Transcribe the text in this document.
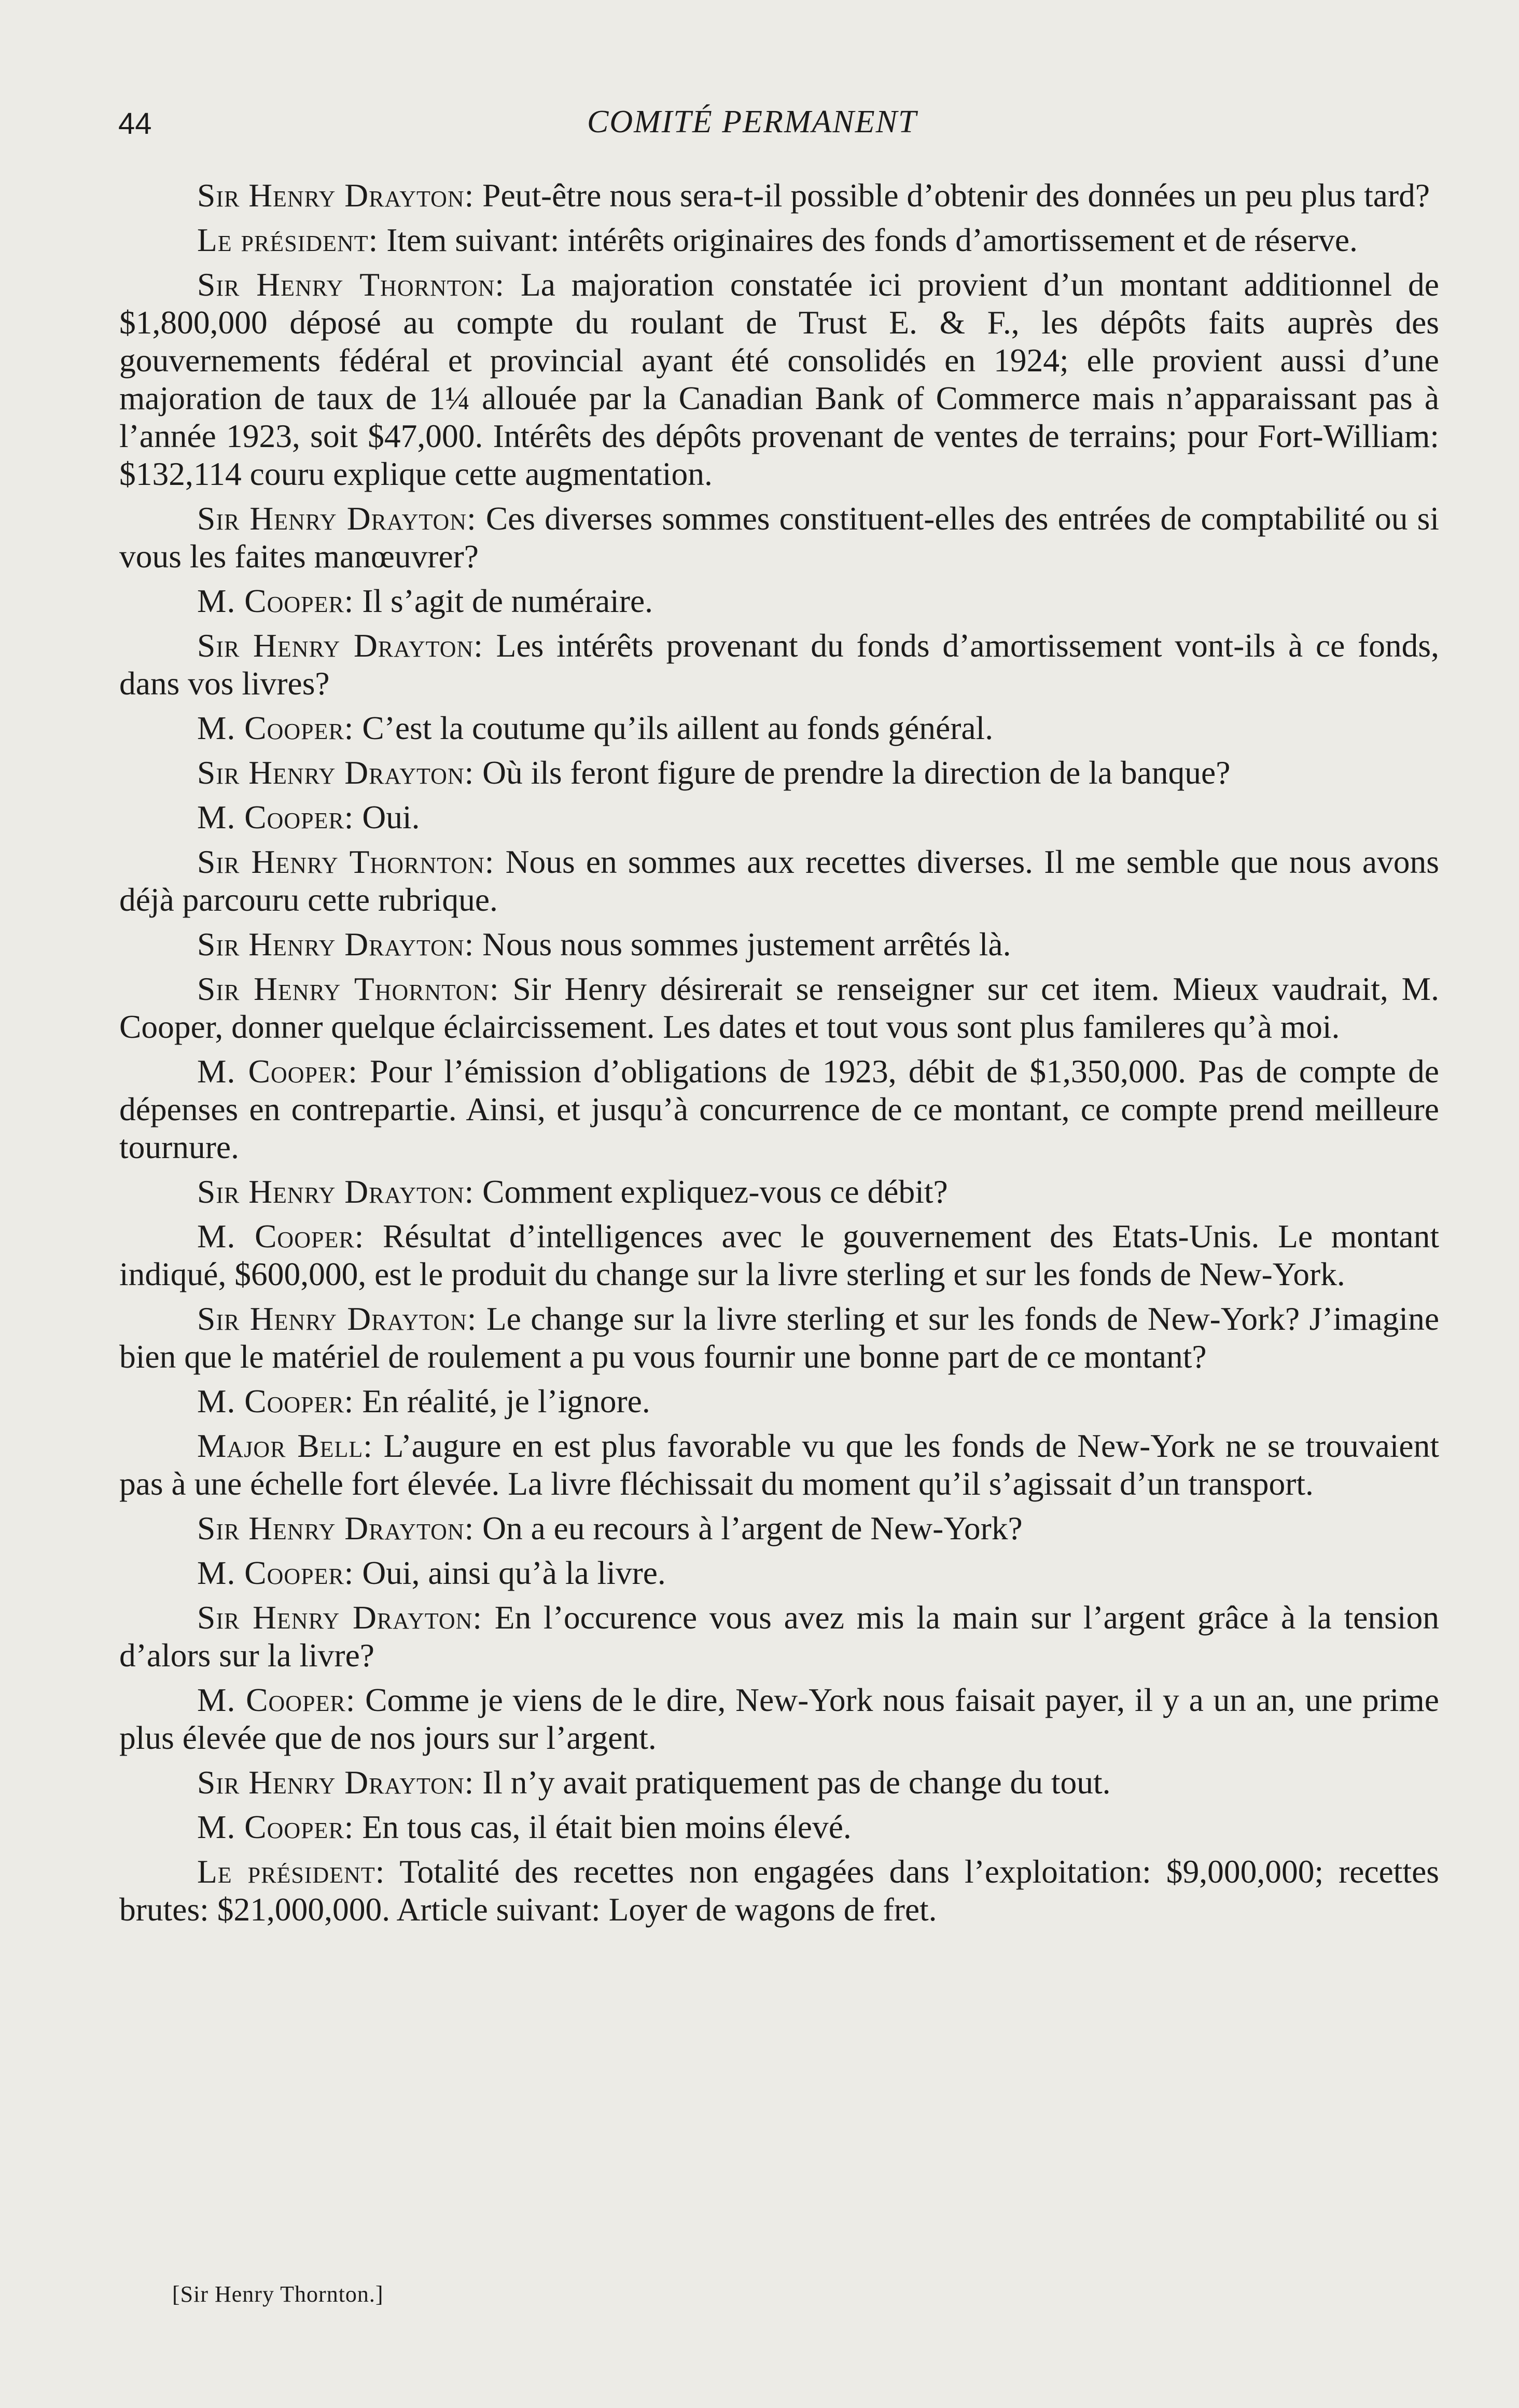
44	COMITÉ PERMANENT

Sir Henry Drayton: Peut-être nous sera-t-il possible d’obtenir des données un peu plus tard?

Le président: Item suivant: intérêts originaires des fonds d’amortissement et de réserve.

Sir Henry Thornton: La majoration constatée ici provient d’un montant additionnel de $1,800,000 déposé au compte du roulant de Trust E. & F., les dépôts faits auprès des gouvernements fédéral et provincial ayant été consolidés en 1924; elle provient aussi d’une majoration de taux de 1¼ allouée par la Canadian Bank of Commerce mais n’apparaissant pas à l’année 1923, soit $47,000. Intérêts des dépôts provenant de ventes de terrains; pour Fort-William: $132,114 couru explique cette augmentation.

Sir Henry Drayton: Ces diverses sommes constituent-elles des entrées de comptabilité ou si vous les faites manœuvrer?

M. Cooper: Il s’agit de numéraire.

Sir Henry Drayton: Les intérêts provenant du fonds d’amortissement vont-ils à ce fonds, dans vos livres?

M. Cooper: C’est la coutume qu’ils aillent au fonds général.

Sir Henry Drayton: Où ils feront figure de prendre la direction de la banque?

M. Cooper: Oui.

Sir Henry Thornton: Nous en sommes aux recettes diverses. Il me semble que nous avons déjà parcouru cette rubrique.

Sir Henry Drayton: Nous nous sommes justement arrêtés là.

Sir Henry Thornton: Sir Henry désirerait se renseigner sur cet item. Mieux vaudrait, M. Cooper, donner quelque éclaircissement. Les dates et tout vous sont plus famileres qu’à moi.

M. Cooper: Pour l’émission d’obligations de 1923, débit de $1,350,000. Pas de compte de dépenses en contrepartie. Ainsi, et jusqu’à concurrence de ce montant, ce compte prend meilleure tournure.

Sir Henry Drayton: Comment expliquez-vous ce débit?

M. Cooper: Résultat d’intelligences avec le gouvernement des Etats-Unis. Le montant indiqué, $600,000, est le produit du change sur la livre sterling et sur les fonds de New-York.

Sir Henry Drayton: Le change sur la livre sterling et sur les fonds de New-York? J’imagine bien que le matériel de roulement a pu vous fournir une bonne part de ce montant?

M. Cooper: En réalité, je l’ignore.

Major Bell: L’augure en est plus favorable vu que les fonds de New-York ne se trouvaient pas à une échelle fort élevée. La livre fléchissait du moment qu’il s’agissait d’un transport.

Sir Henry Drayton: On a eu recours à l’argent de New-York?

M. Cooper: Oui, ainsi qu’à la livre.

Sir Henry Drayton: En l’occurence vous avez mis la main sur l’argent grâce à la tension d’alors sur la livre?

M. Cooper: Comme je viens de le dire, New-York nous faisait payer, il y a un an, une prime plus élevée que de nos jours sur l’argent.

Sir Henry Drayton: Il n’y avait pratiquement pas de change du tout.

M. Cooper: En tous cas, il était bien moins élevé.

Le président: Totalité des recettes non engagées dans l’exploitation: $9,000,000; recettes brutes: $21,000,000. Article suivant: Loyer de wagons de fret.

[Sir Henry Thornton.]
